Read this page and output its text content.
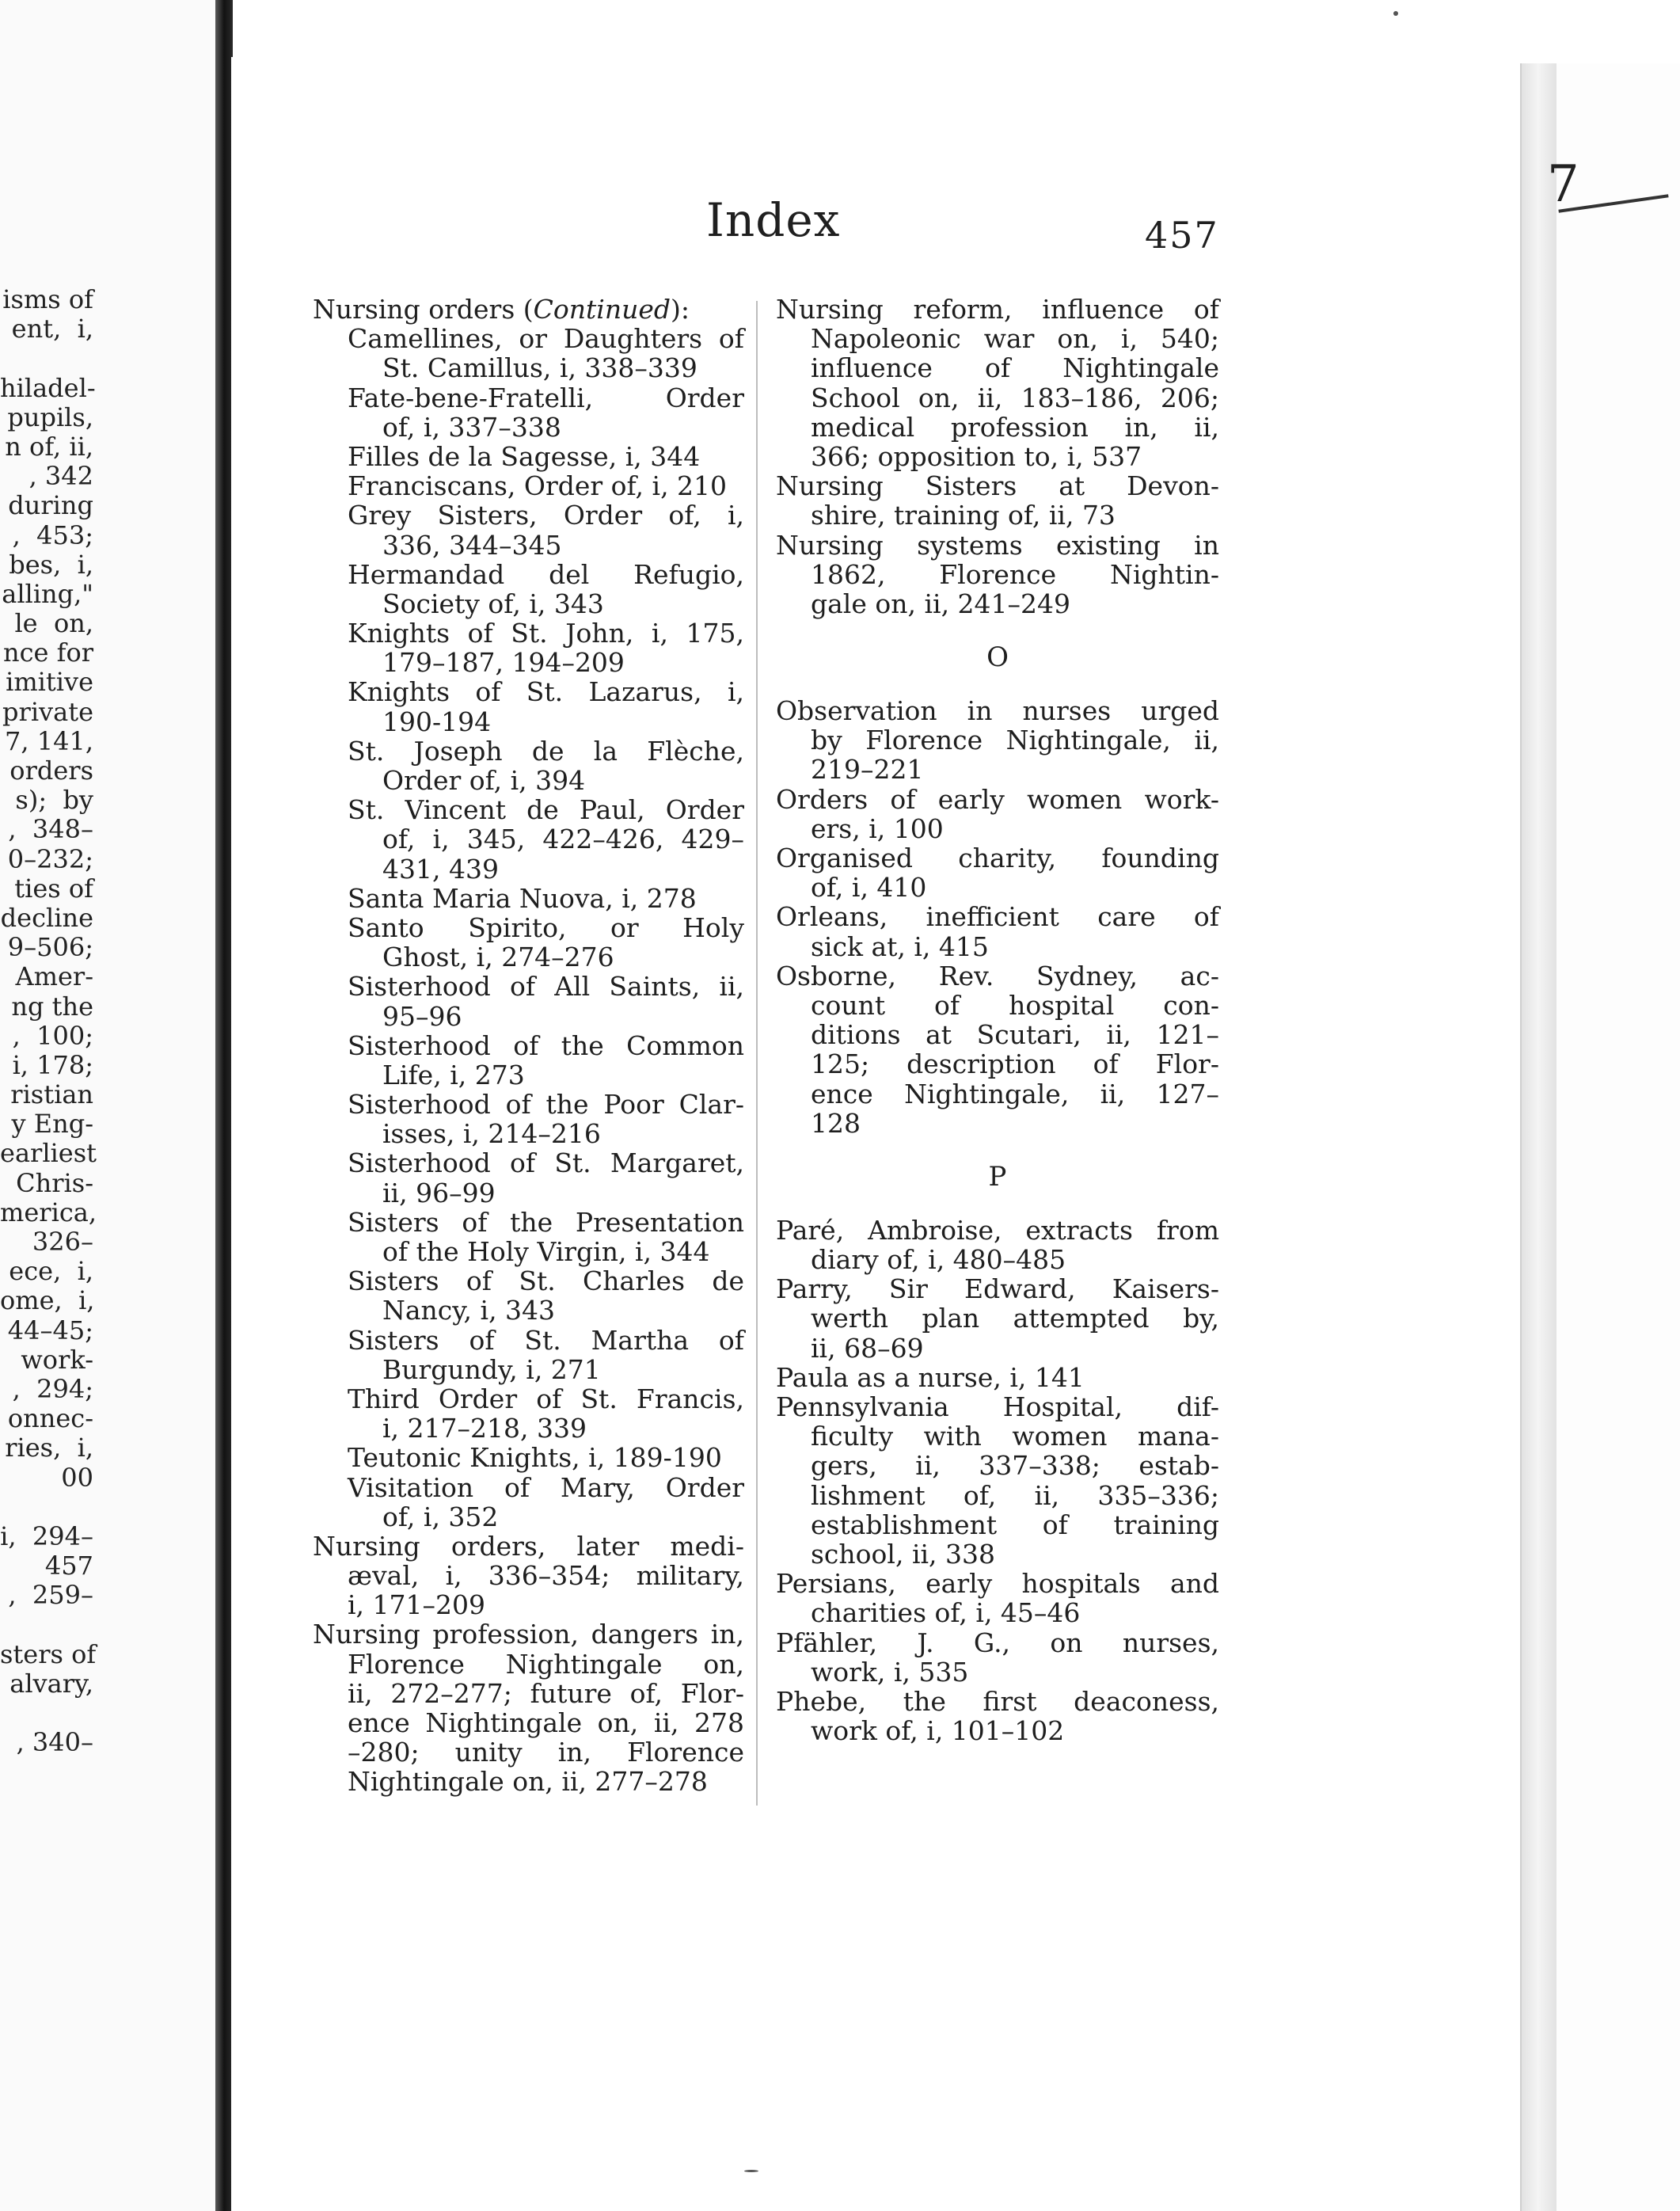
isms of
ent,  i,
hiladel-
pupils,
n of, ii,
, 342
during
,  453;
bes,  i,
alling,"
le  on,
nce for
imitive
private
7, 141,
orders
s);  by
,  348–
0–232;
ties of
decline
9–506;
Amer-
ng the
,  100;
i, 178;
ristian
y Eng-
earliest
Chris-
merica,
326–
ece,  i,
ome,  i,
44–45;
work-
,  294;
onnec-
ries,  i,
00
i,  294–
457
,  259–
sters of
alvary,
, 340–
7
Index	457
Nursing orders (Continued):
Camellines, or Daughters of
St. Camillus, i, 338–339
Fate-bene-Fratelli, Order
of, i, 337–338
Filles de la Sagesse, i, 344
Franciscans, Order of, i, 210
Grey Sisters, Order of, i,
336, 344–345
Hermandad del Refugio,
Society of, i, 343
Knights of St. John, i, 175,
179–187, 194–209
Knights of St. Lazarus, i,
190-194
St. Joseph de la Flèche,
Order of, i, 394
St. Vincent de Paul, Order
of, i, 345, 422–426, 429–
431, 439
Santa Maria Nuova, i, 278
Santo Spirito, or Holy
Ghost, i, 274–276
Sisterhood of All Saints, ii,
95–96
Sisterhood of the Common
Life, i, 273
Sisterhood of the Poor Clar-
isses, i, 214–216
Sisterhood of St. Margaret,
ii, 96–99
Sisters of the Presentation
of the Holy Virgin, i, 344
Sisters of St. Charles de
Nancy, i, 343
Sisters of St. Martha of
Burgundy, i, 271
Third Order of St. Francis,
i, 217–218, 339
Teutonic Knights, i, 189-190
Visitation of Mary, Order
of, i, 352
Nursing orders, later medi-
æval, i, 336–354; military,
i, 171–209
Nursing profession, dangers in,
Florence Nightingale on,
ii, 272–277; future of, Flor-
ence Nightingale on, ii, 278
–280; unity in, Florence
Nightingale on, ii, 277–278
Nursing reform, influence of
Napoleonic war on, i, 540;
influence of Nightingale
School on, ii, 183–186, 206;
medical profession in, ii,
366; opposition to, i, 537
Nursing Sisters at Devon-
shire, training of, ii, 73
Nursing systems existing in
1862, Florence Nightin-
gale on, ii, 241–249
O
Observation in nurses urged
by Florence Nightingale, ii,
219–221
Orders of early women work-
ers, i, 100
Organised charity, founding
of, i, 410
Orleans, inefficient care of
sick at, i, 415
Osborne, Rev. Sydney, ac-
count of hospital con-
ditions at Scutari, ii, 121–
125; description of Flor-
ence Nightingale, ii, 127–
128
P
Paré, Ambroise, extracts from
diary of, i, 480–485
Parry, Sir Edward, Kaisers-
werth plan attempted by,
ii, 68–69
Paula as a nurse, i, 141
Pennsylvania Hospital, dif-
ficulty with women mana-
gers, ii, 337–338; estab-
lishment of, ii, 335–336;
establishment of training
school, ii, 338
Persians, early hospitals and
charities of, i, 45–46
Pfähler, J. G., on nurses,
work, i, 535
Phebe, the first deaconess,
work of, i, 101–102
